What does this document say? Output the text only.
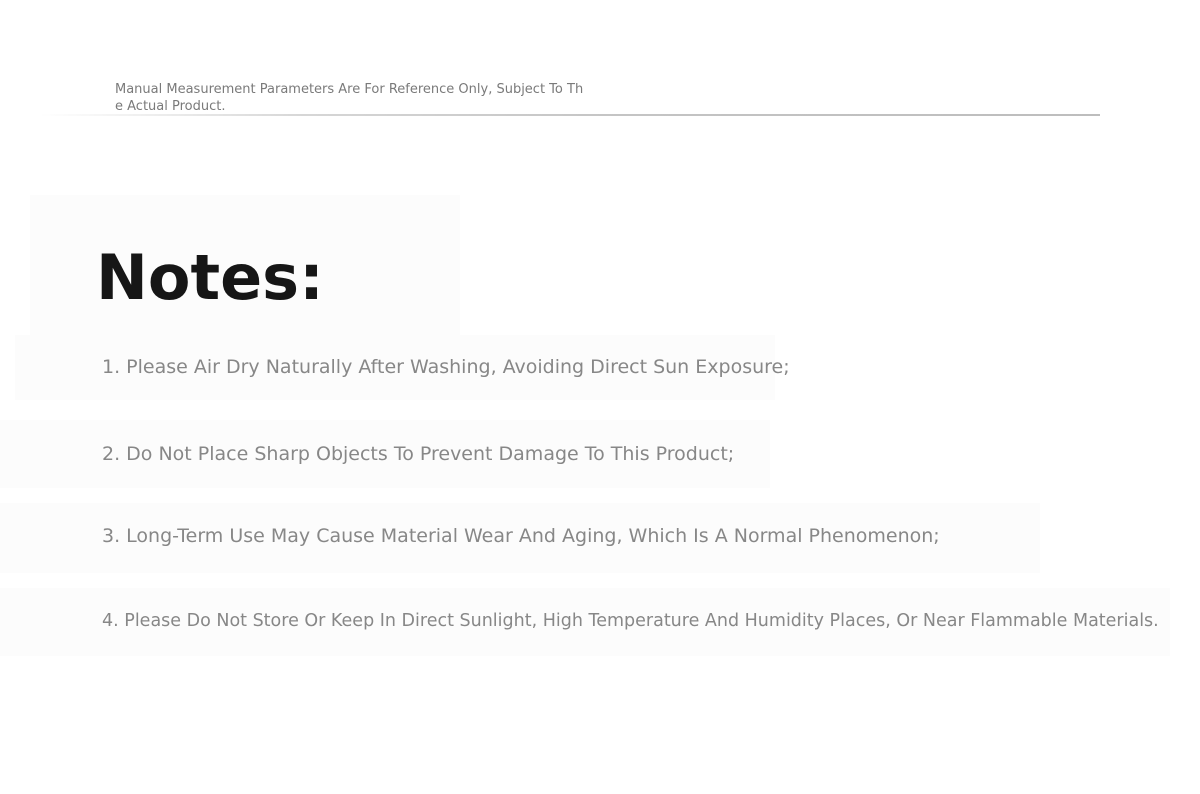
Manual Measurement Parameters Are For Reference Only, Subject To The Actual Product.
Notes:

1. Please Air Dry Naturally After Washing, Avoiding Direct Sun Exposure;

2. Do Not Place Sharp Objects To Prevent Damage To This Product;

3. Long-Term Use May Cause Material Wear And Aging, Which Is A Normal Phenomenon;

4. Please Do Not Store Or Keep In Direct Sunlight, High Temperature And Humidity Places, Or Near Flammable Materials.
